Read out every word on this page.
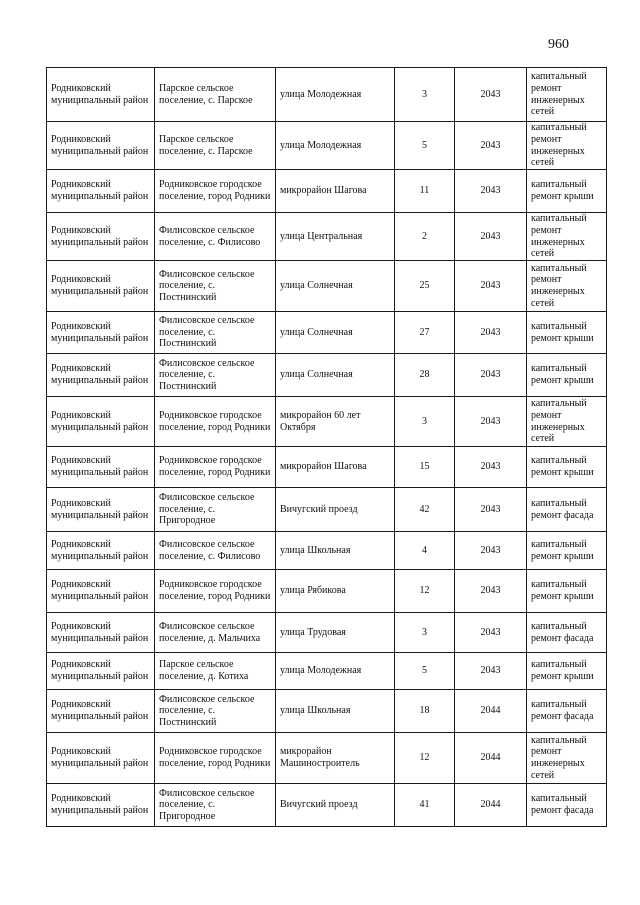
960
Родниковский муниципальный район	Парское сельское поселение, с. Парское	улица Молодежная	3	2043	капитальный ремонт инженерных сетей
Родниковский муниципальный район	Парское сельское поселение, с. Парское	улица Молодежная	5	2043	капитальный ремонт инженерных сетей
Родниковский муниципальный район	Родниковское городское поселение, город Родники	микрорайон Шагова	11	2043	капитальный ремонт крыши
Родниковский муниципальный район	Филисовское сельское поселение, с. Филисово	улица Центральная	2	2043	капитальный ремонт инженерных сетей
Родниковский муниципальный район	Филисовское сельское поселение, с. Постнинский	улица Солнечная	25	2043	капитальный ремонт инженерных сетей
Родниковский муниципальный район	Филисовское сельское поселение, с. Постнинский	улица Солнечная	27	2043	капитальный ремонт крыши
Родниковский муниципальный район	Филисовское сельское поселение, с. Постнинский	улица Солнечная	28	2043	капитальный ремонт крыши
Родниковский муниципальный район	Родниковское городское поселение, город Родники	микрорайон 60 лет Октября	3	2043	капитальный ремонт инженерных сетей
Родниковский муниципальный район	Родниковское городское поселение, город Родники	микрорайон Шагова	15	2043	капитальный ремонт крыши
Родниковский муниципальный район	Филисовское сельское поселение, с. Пригородное	Вичугский проезд	42	2043	капитальный ремонт фасада
Родниковский муниципальный район	Филисовское сельское поселение, с. Филисово	улица Школьная	4	2043	капитальный ремонт крыши
Родниковский муниципальный район	Родниковское городское поселение, город Родники	улица Рябикова	12	2043	капитальный ремонт крыши
Родниковский муниципальный район	Филисовское сельское поселение, д. Мальчиха	улица Трудовая	3	2043	капитальный ремонт фасада
Родниковский муниципальный район	Парское сельское поселение, д. Котиха	улица Молодежная	5	2043	капитальный ремонт крыши
Родниковский муниципальный район	Филисовское сельское поселение, с. Постнинский	улица Школьная	18	2044	капитальный ремонт фасада
Родниковский муниципальный район	Родниковское городское поселение, город Родники	микрорайон Машиностроитель	12	2044	капитальный ремонт инженерных сетей
Родниковский муниципальный район	Филисовское сельское поселение, с. Пригородное	Вичугский проезд	41	2044	капитальный ремонт фасада
